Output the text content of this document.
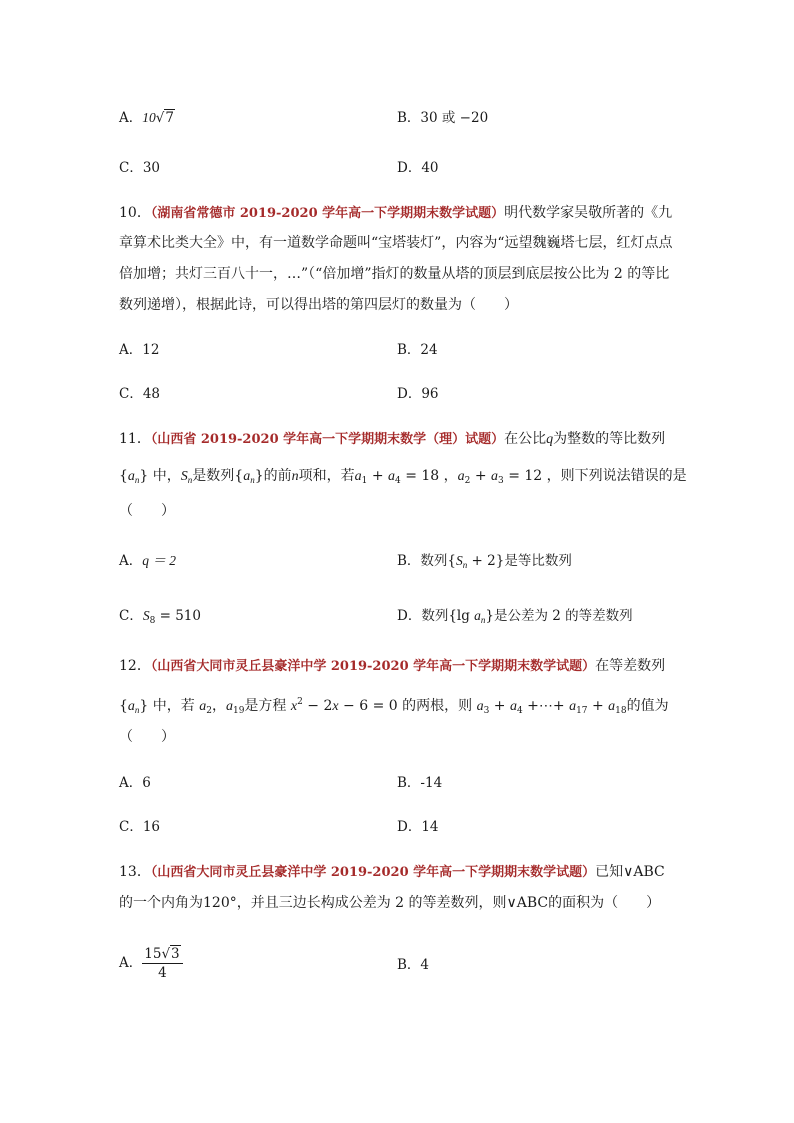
A．10√7	B．30 或 −20
C．30	D．40
10．（湖南省常德市 2019-2020 学年高一下学期期末数学试题）明代数学家吴敬所著的《九
章算术比类大全》中，有一道数学命题叫“宝塔装灯”，内容为“远望魏巍塔七层，红灯点点
倍加增；共灯三百八十一，…”（“倍加增”指灯的数量从塔的顶层到底层按公比为 2 的等比
数列递增），根据此诗，可以得出塔的第四层灯的数量为（　　）
A．12	B．24
C．48	D．96
11．（山西省 2019-2020 学年高一下学期期末数学（理）试题）在公比q为整数的等比数列
$\{a_n\}$ 中，$S_n$是数列$\{a_n\}$的前n项和，若$a_1 + a_4 = 18$ ，$a_2 + a_3 = 12$ ，则下列说法错误的是
（　　）
A．q ＝ 2	B．数列$\{S_n + 2\}$是等比数列
C．$S_8 = 510$	D．数列{lg $a_n$}是公差为 2 的等差数列
12．（山西省大同市灵丘县豪洋中学 2019-2020 学年高一下学期期末数学试题）在等差数列
$\{a_n\}$ 中，若 $a_2$，$a_{19}$是方程 $x^2 - 2x - 6 = 0$ 的两根，则 $a_3 + a_4$ +⋯+ $a_{17} + a_{18}$的值为
（　　）
A．6	B．-14
C．16	D．14
13．（山西省大同市灵丘县豪洋中学 2019-2020 学年高一下学期期末数学试题）已知∨ABC
的一个内角为120°，并且三边长构成公差为 2 的等差数列，则∨ABC的面积为（　　）
A． $\frac{15√3}{4}$	B．4
